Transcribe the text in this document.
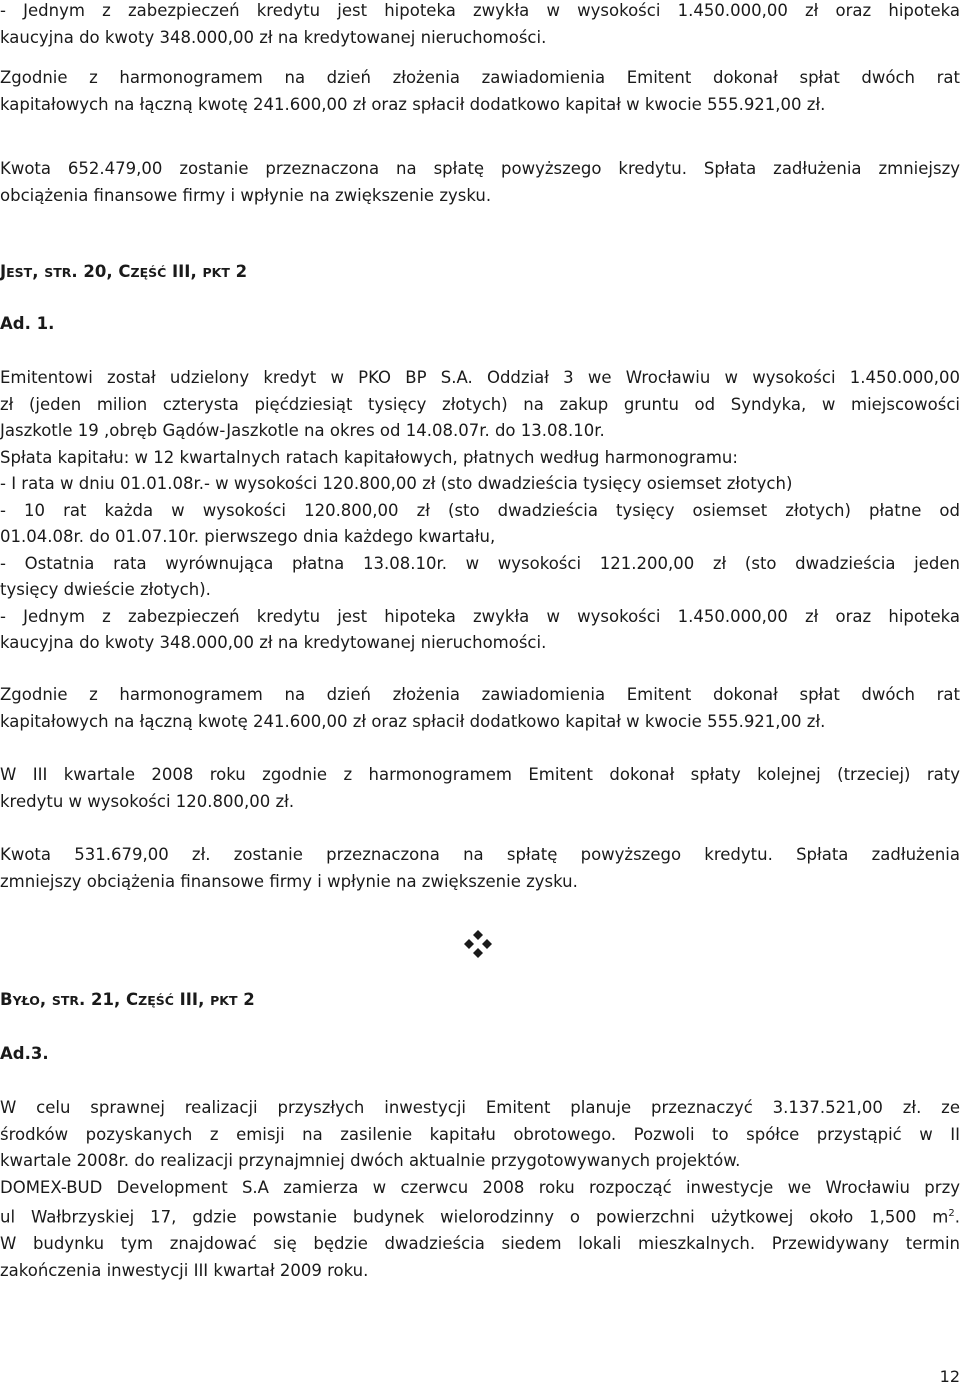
- Jednym z zabezpieczeń kredytu jest hipoteka zwykła w wysokości 1.450.000,00 zł oraz hipoteka
kaucyjna do kwoty 348.000,00 zł na kredytowanej nieruchomości.

Zgodnie z harmonogramem na dzień złożenia zawiadomienia Emitent dokonał spłat dwóch rat
kapitałowych na łączną kwotę 241.600,00 zł oraz spłacił dodatkowo kapitał w kwocie 555.921,00 zł.

Kwota 652.479,00 zostanie przeznaczona na spłatę powyższego kredytu. Spłata zadłużenia zmniejszy
obciążenia finansowe firmy i wpłynie na zwiększenie zysku.

JEST, STR. 20, CZĘŚĆ III, PKT 2
Ad. 1.

Emitentowi został udzielony kredyt w PKO BP S.A. Oddział 3 we Wrocławiu w wysokości 1.450.000,00
zł (jeden milion czterysta pięćdziesiąt tysięcy złotych) na zakup gruntu od Syndyka, w miejscowości
Jaszkotle 19 ,obręb Gądów-Jaszkotle na okres od 14.08.07r. do 13.08.10r.
Spłata kapitału: w 12 kwartalnych ratach kapitałowych, płatnych według harmonogramu:
- I rata w dniu 01.01.08r.- w wysokości 120.800,00 zł (sto dwadzieścia tysięcy osiemset złotych)
- 10 rat każda w wysokości 120.800,00 zł (sto dwadzieścia tysięcy osiemset złotych) płatne od
01.04.08r. do 01.07.10r. pierwszego dnia każdego kwartału,
- Ostatnia rata wyrównująca płatna 13.08.10r. w wysokości 121.200,00 zł (sto dwadzieścia jeden
tysięcy dwieście złotych).
- Jednym z zabezpieczeń kredytu jest hipoteka zwykła w wysokości 1.450.000,00 zł oraz hipoteka
kaucyjna do kwoty 348.000,00 zł na kredytowanej nieruchomości.

Zgodnie z harmonogramem na dzień złożenia zawiadomienia Emitent dokonał spłat dwóch rat
kapitałowych na łączną kwotę 241.600,00 zł oraz spłacił dodatkowo kapitał w kwocie 555.921,00 zł.

W III kwartale 2008 roku zgodnie z harmonogramem Emitent dokonał spłaty kolejnej (trzeciej) raty
kredytu w wysokości 120.800,00 zł.

Kwota 531.679,00 zł. zostanie przeznaczona na spłatę powyższego kredytu. Spłata zadłużenia
zmniejszy obciążenia finansowe firmy i wpłynie na zwiększenie zysku.

BYŁO, STR. 21, CZĘŚĆ III, PKT 2
Ad.3.

W celu sprawnej realizacji przyszłych inwestycji Emitent planuje przeznaczyć 3.137.521,00 zł. ze
środków pozyskanych z emisji na zasilenie kapitału obrotowego. Pozwoli to spółce przystąpić w II
kwartale 2008r. do realizacji przynajmniej dwóch aktualnie przygotowywanych projektów.
DOMEX-BUD Development S.A zamierza w czerwcu 2008 roku rozpocząć inwestycje we Wrocławiu przy
ul Wałbrzyskiej 17, gdzie powstanie budynek wielorodzinny o powierzchni użytkowej około 1,500 $m^2$.
W budynku tym znajdować się będzie dwadzieścia siedem lokali mieszkalnych. Przewidywany termin
zakończenia inwestycji III kwartał 2009 roku.

12
